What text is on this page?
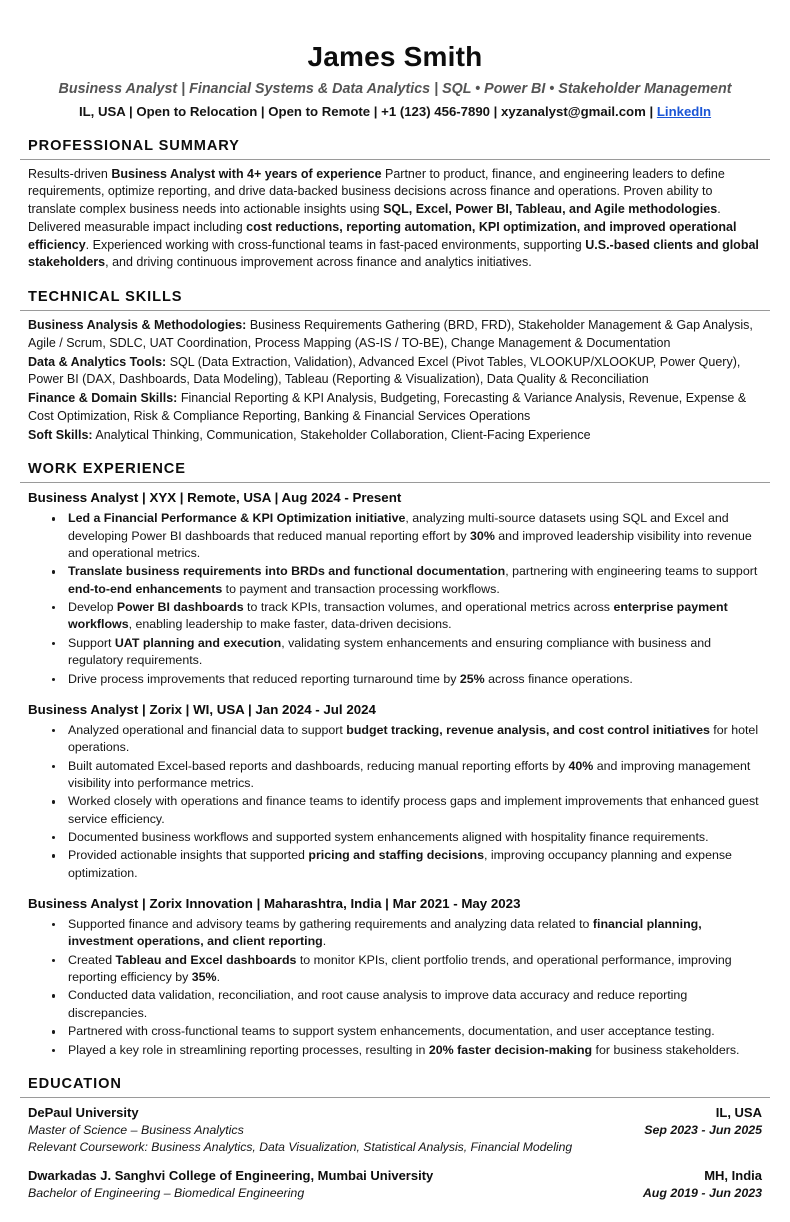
James Smith
Business Analyst | Financial Systems & Data Analytics | SQL • Power BI • Stakeholder Management
IL, USA | Open to Relocation | Open to Remote | +1 (123) 456-7890 | xyzanalyst@gmail.com | LinkedIn
PROFESSIONAL SUMMARY

Results-driven Business Analyst with 4+ years of experience Partner to product, finance, and engineering leaders to define requirements, optimize reporting, and drive data-backed business decisions across finance and operations. Proven ability to translate complex business needs into actionable insights using SQL, Excel, Power BI, Tableau, and Agile methodologies. Delivered measurable impact including cost reductions, reporting automation, KPI optimization, and improved operational efficiency. Experienced working with cross-functional teams in fast-paced environments, supporting U.S.-based clients and global stakeholders, and driving continuous improvement across finance and analytics initiatives.

TECHNICAL SKILLS

Business Analysis & Methodologies: Business Requirements Gathering (BRD, FRD), Stakeholder Management & Gap Analysis, Agile / Scrum, SDLC, UAT Coordination, Process Mapping (AS-IS / TO-BE), Change Management & Documentation

Data & Analytics Tools: SQL (Data Extraction, Validation), Advanced Excel (Pivot Tables, VLOOKUP/XLOOKUP, Power Query), Power BI (DAX, Dashboards, Data Modeling), Tableau (Reporting & Visualization), Data Quality & Reconciliation

Finance & Domain Skills: Financial Reporting & KPI Analysis, Budgeting, Forecasting & Variance Analysis, Revenue, Expense & Cost Optimization, Risk & Compliance Reporting, Banking & Financial Services Operations

Soft Skills: Analytical Thinking, Communication, Stakeholder Collaboration, Client-Facing Experience

WORK EXPERIENCE
Business Analyst | XYX | Remote, USA | Aug 2024 - Present
Led a Financial Performance & KPI Optimization initiative, analyzing multi-source datasets using SQL and Excel and developing Power BI dashboards that reduced manual reporting effort by 30% and improved leadership visibility into revenue and operational metrics.
Translate business requirements into BRDs and functional documentation, partnering with engineering teams to support end-to-end enhancements to payment and transaction processing workflows.
Develop Power BI dashboards to track KPIs, transaction volumes, and operational metrics across enterprise payment workflows, enabling leadership to make faster, data-driven decisions.
Support UAT planning and execution, validating system enhancements and ensuring compliance with business and regulatory requirements.
Drive process improvements that reduced reporting turnaround time by 25% across finance operations.
Business Analyst | Zorix | WI, USA | Jan 2024 - Jul 2024
Analyzed operational and financial data to support budget tracking, revenue analysis, and cost control initiatives for hotel operations.
Built automated Excel-based reports and dashboards, reducing manual reporting efforts by 40% and improving management visibility into performance metrics.
Worked closely with operations and finance teams to identify process gaps and implement improvements that enhanced guest service efficiency.
Documented business workflows and supported system enhancements aligned with hospitality finance requirements.
Provided actionable insights that supported pricing and staffing decisions, improving occupancy planning and expense optimization.
Business Analyst | Zorix Innovation | Maharashtra, India | Mar 2021 - May 2023
Supported finance and advisory teams by gathering requirements and analyzing data related to financial planning, investment operations, and client reporting.
Created Tableau and Excel dashboards to monitor KPIs, client portfolio trends, and operational performance, improving reporting efficiency by 35%.
Conducted data validation, reconciliation, and root cause analysis to improve data accuracy and reduce reporting discrepancies.
Partnered with cross-functional teams to support system enhancements, documentation, and user acceptance testing.
Played a key role in streamlining reporting processes, resulting in 20% faster decision-making for business stakeholders.
EDUCATION
DePaul University	IL, USA
Master of Science – Business Analytics	Sep 2023 - Jun 2025
Relevant Coursework: Business Analytics, Data Visualization, Statistical Analysis, Financial Modeling
Dwarkadas J. Sanghvi College of Engineering, Mumbai University	MH, India
Bachelor of Engineering – Biomedical Engineering	Aug 2019 - Jun 2023
